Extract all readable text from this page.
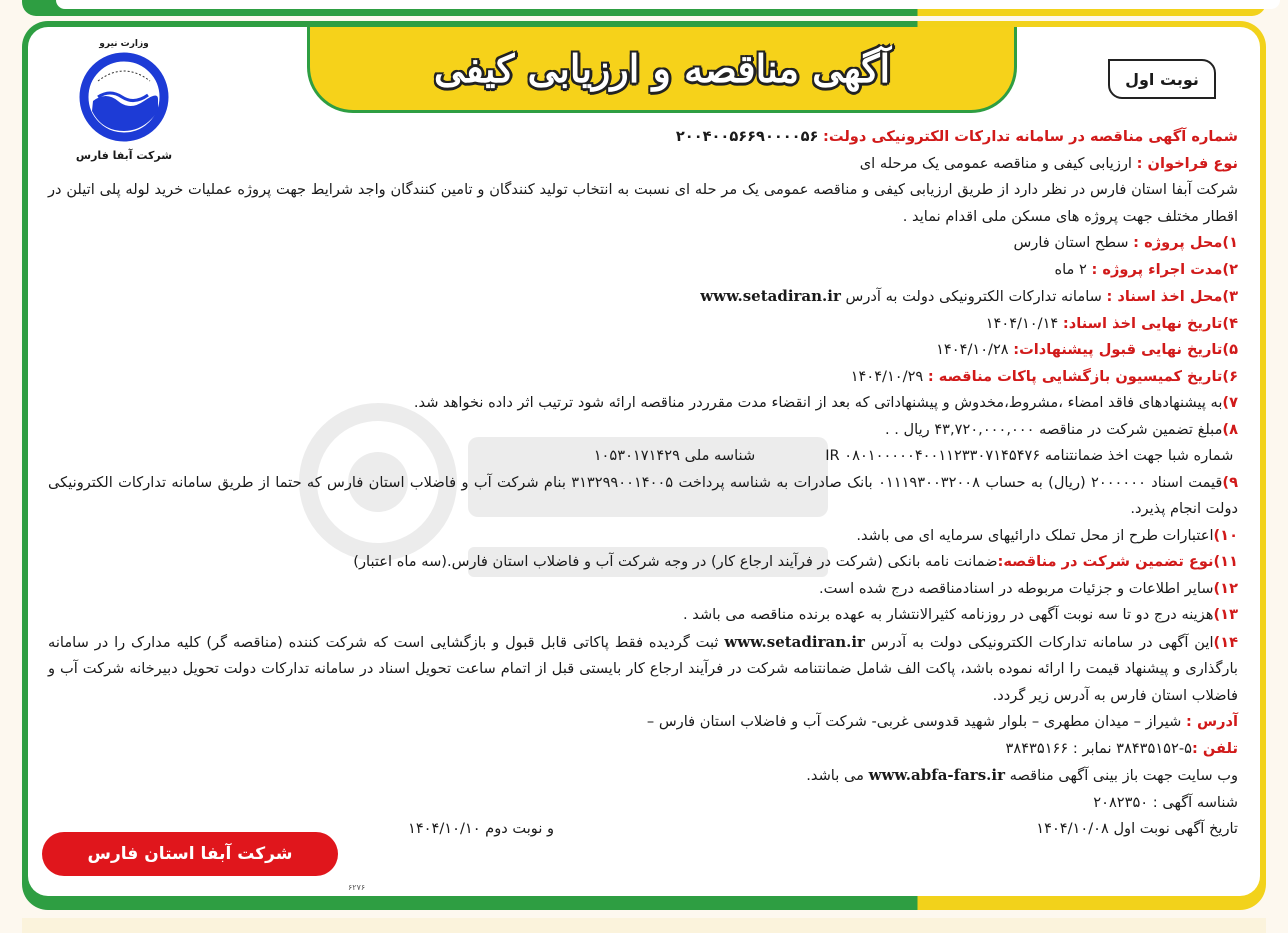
آگهی مناقصه و ارزیابی کیفی	نوبت اول
وزارت نیرو
شرکت آبفا فارس

شماره آگهی مناقصه در سامانه تدارکات الکترونیکی دولت: ۲۰۰۴۰۰۵۶۶۹۰۰۰۰۵۶

نوع فراخوان : ارزیابی کیفی و مناقصه عمومی یک مرحله ای

شرکت آبفا استان فارس در نظر دارد از طریق ارزیابی کیفی و مناقصه عمومی یک مر حله ای نسبت به انتخاب تولید کنندگان و تامین کنندگان واجد شرایط جهت پروژه عملیات خرید لوله پلی اتیلن در اقطار مختلف جهت پروژه های مسکن ملی اقدام نماید .

۱)محل پروژه : سطح استان فارس

۲)مدت اجراء پروژه : ۲ ماه

۳)محل اخذ اسناد : سامانه تدارکات الکترونیکی دولت به آدرس www.setadiran.ir

۴)تاریخ نهایی اخذ اسناد: ۱۴۰۴/۱۰/۱۴

۵)تاریخ نهایی قبول پیشنهادات: ۱۴۰۴/۱۰/۲۸

۶)تاریخ کمیسیون بازگشایی پاکات مناقصه : ۱۴۰۴/۱۰/۲۹

۷)به پیشنهادهای فاقد امضاء ،مشروط،مخدوش و پیشنهاداتی که بعد از انقضاء مدت مقرردر مناقصه ارائه شود ترتیب اثر داده نخواهد شد.

۸)مبلغ تضمین شرکت در مناقصه ۴۳,۷۲۰,۰۰۰,۰۰۰ ریال . .

شماره شبا جهت اخذ ضمانتنامه IR ۰۸۰۱۰۰۰۰۰۴۰۰۱۱۲۳۳۰۷۱۴۵۴۷۶شناسه ملی ۱۰۵۳۰۱۷۱۴۲۹

۹)قیمت اسناد ۲۰۰۰۰۰۰ (ریال) به حساب ۰۱۱۱۹۳۰۰۳۲۰۰۸ بانک صادرات به شناسه پرداخت ۳۱۳۲۹۹۰۰۱۴۰۰۵ بنام شرکت آب و فاضلاب استان فارس که حتما از طریق سامانه تدارکات الکترونیکی دولت انجام پذیرد.

۱۰)اعتبارات طرح از محل تملک دارائیهای سرمایه ای می باشد.

۱۱)نوع تضمین شرکت در مناقصه:ضمانت نامه بانکی (شرکت در فرآیند ارجاع کار) در وجه شرکت آب و فاضلاب استان فارس.(سه ماه اعتبار)

۱۲)سایر اطلاعات و جزئیات مربوطه در اسنادمناقصه درج شده است.

۱۳)هزینه درج دو تا سه نوبت آگهی در روزنامه کثیرالانتشار به عهده برنده مناقصه می باشد .

۱۴)این آگهی در سامانه تدارکات الکترونیکی دولت به آدرس www.setadiran.ir ثبت گردیده فقط پاکاتی قابل قبول و بازگشایی است که شرکت کننده (مناقصه گر) کلیه مدارک را در سامانه بارگذاری و پیشنهاد قیمت را ارائه نموده باشد، پاکت الف شامل ضمانتنامه شرکت در فرآیند ارجاع کار بایستی قبل از اتمام ساعت تحویل اسناد در سامانه تدارکات دولت تحویل دبیرخانه شرکت آب و فاضلاب استان فارس به آدرس زیر گردد.

آدرس : شیراز – میدان مطهری – بلوار شهید قدوسی غربی- شرکت آب و فاضلاب استان فارس –

تلفن :۵-۳۸۴۳۵۱۵۲ نمابر : ۳۸۴۳۵۱۶۶

وب سایت جهت باز بینی آگهی مناقصه www.abfa-fars.ir می باشد.

شناسه آگهی : ۲۰۸۲۳۵۰

تاریخ آگهی نوبت اول ۱۴۰۴/۱۰/۰۸
و نوبت دوم ۱۴۰۴/۱۰/۱۰
شرکت آبفا استان فارس
۶۲۷۶
